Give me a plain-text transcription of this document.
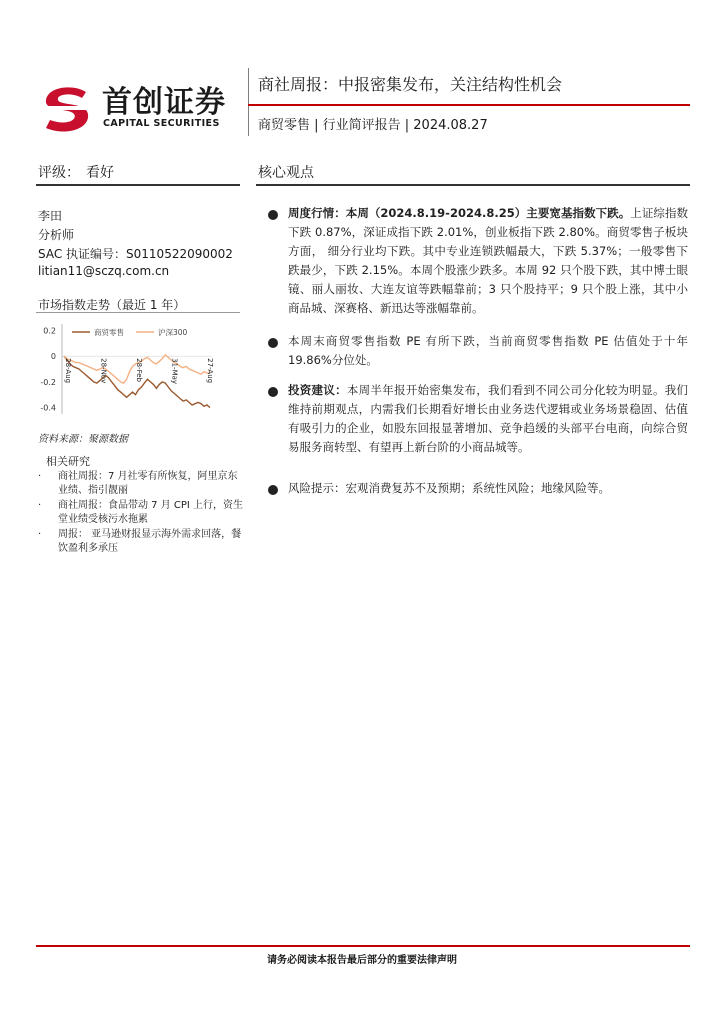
首创证券
CAPITAL SECURITIES
商社周报：中报密集发布，关注结构性机会
商贸零售 | 行业简评报告 | 2024.08.27
评级： 看好
李田
分析师
SAC 执证编号：S0110522090002
litian11@sczq.com.cn
市场指数走势（最近 1 年）
0.2
0
-0.2
-0.4
28-Aug	28-Nov	28-Feb	31-May	27-Aug
商贸零售	沪深300
资料来源：聚源数据
相关研究
· 商社周报：7 月社零有所恢复，阿里京东业绩、指引靓丽
· 商社周报：食品带动 7 月 CPI 上行，资生堂业绩受核污水拖累
· 周报： 亚马逊财报显示海外需求回落，餐饮盈利多承压
核心观点
周度行情：本周（2024.8.19-2024.8.25）主要宽基指数下跌。上证综指数下跌 0.87%，深证成指下跌 2.01%，创业板指下跌 2.80%。商贸零售子板块方面， 细分行业均下跌。其中专业连锁跌幅最大，下跌 5.37%；一般零售下跌最少，下跌 2.15%。本周个股涨少跌多。本周 92 只个股下跌，其中博士眼镜、丽人丽妆、大连友谊等跌幅靠前；3 只个股持平；9 只个股上涨，其中小商品城、深赛格、新迅达等涨幅靠前。
本周末商贸零售指数 PE 有所下跌，当前商贸零售指数 PE 估值处于十年 19.86%分位处。
投资建议：本周半年报开始密集发布，我们看到不同公司分化较为明显。我们维持前期观点，内需我们长期看好增长由业务迭代逻辑或业务场景稳固、估值有吸引力的企业，如股东回报显著增加、竞争趋缓的头部平台电商，向综合贸易服务商转型、有望再上新台阶的小商品城等。
风险提示：宏观消费复苏不及预期；系统性风险；地缘风险等。
请务必阅读本报告最后部分的重要法律声明
